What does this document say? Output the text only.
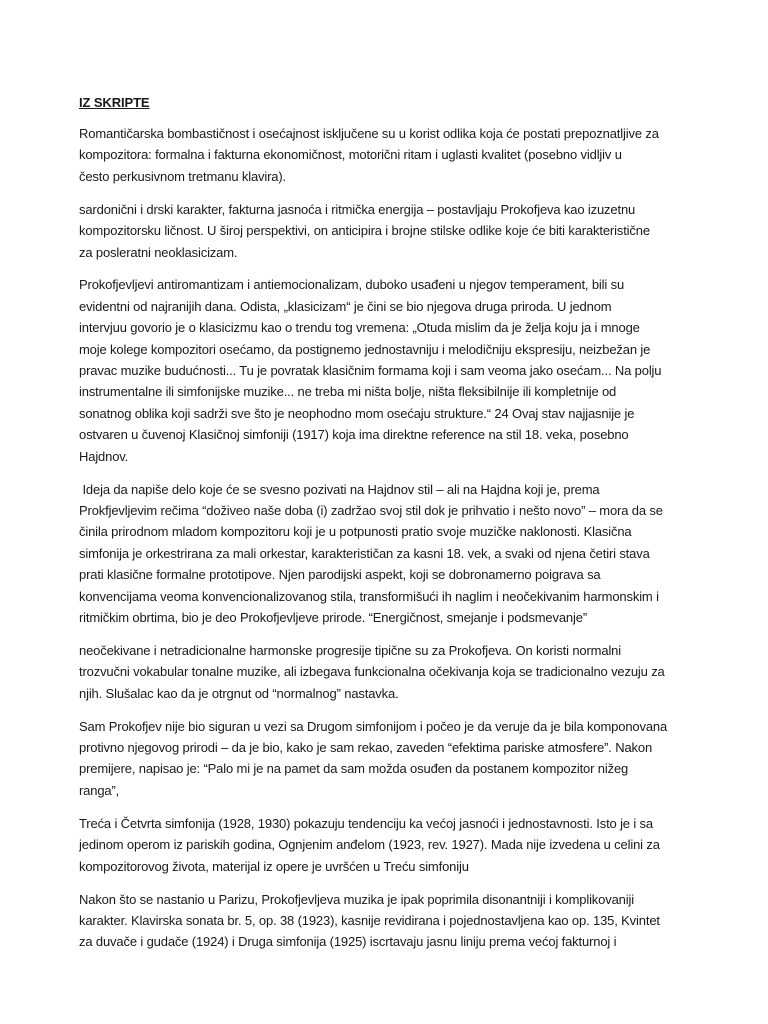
IZ SKRIPTE
Romantičarska bombastičnost i osećajnost isključene su u korist odlika koja će postati prepoznatljive za
kompozitora: formalna i fakturna ekonomičnost, motorični ritam i uglasti kvalitet (posebno vidljiv u
često perkusivnom tretmanu klavira).
sardonični i drski karakter, fakturna jasnoća i ritmička energija – postavljaju Prokofjeva kao izuzetnu
kompozitorsku ličnost. U široj perspektivi, on anticipira i brojne stilske odlike koje će biti karakteristične
za posleratni neoklasicizam.
Prokofjevljevi antiromantizam i antiemocionalizam, duboko usađeni u njegov temperament, bili su
evidentni od najranijih dana. Odista, „klasicizam“ je čini se bio njegova druga priroda. U jednom
intervjuu govorio je o klasicizmu kao o trendu tog vremena: „Otuda mislim da je želja koju ja i mnoge
moje kolege kompozitori osećamo, da postignemo jednostavniju i melodičniju ekspresiju, neizbežan je
pravac muzike budućnosti... Tu je povratak klasičnim formama koji i sam veoma jako osećam... Na polju
instrumentalne ili simfonijske muzike... ne treba mi ništa bolje, ništa fleksibilnije ili kompletnije od
sonatnog oblika koji sadrži sve što je neophodno mom osećaju strukture.“ 24 Ovaj stav najjasnije je
ostvaren u čuvenoj Klasičnoj simfoniji (1917) koja ima direktne reference na stil 18. veka, posebno
Hajdnov.
Ideja da napiše delo koje će se svesno pozivati na Hajdnov stil – ali na Hajdna koji je, prema
Prokfjevljevim rečima “doživeo naše doba (i) zadržao svoj stil dok je prihvatio i nešto novo” – mora da se
činila prirodnom mladom kompozitoru koji je u potpunosti pratio svoje muzičke naklonosti. Klasična
simfonija je orkestrirana za mali orkestar, karakterističan za kasni 18. vek, a svaki od njena četiri stava
prati klasične formalne prototipove. Njen parodijski aspekt, koji se dobronamerno poigrava sa
konvencijama veoma konvencionalizovanog stila, transformišući ih naglim i neočekivanim harmonskim i
ritmičkim obrtima, bio je deo Prokofjevljeve prirode. “Energičnost, smejanje i podsmevanje”
neočekivane i netradicionalne harmonske progresije tipične su za Prokofjeva. On koristi normalni
trozvučni vokabular tonalne muzike, ali izbegava funkcionalna očekivanja koja se tradicionalno vezuju za
njih. Slušalac kao da je otrgnut od “normalnog” nastavka.
Sam Prokofjev nije bio siguran u vezi sa Drugom simfonijom i počeo je da veruje da je bila komponovana
protivno njegovog prirodi – da je bio, kako je sam rekao, zaveden “efektima pariske atmosfere”. Nakon
premijere, napisao je: “Palo mi je na pamet da sam možda osuđen da postanem kompozitor nižeg
ranga”,
Treća i Četvrta simfonija (1928, 1930) pokazuju tendenciju ka većoj jasnoći i jednostavnosti. Isto je i sa
jedinom operom iz pariskih godina, Ognjenim anđelom (1923, rev. 1927). Mada nije izvedena u celini za
kompozitorovog života, materijal iz opere je uvršćen u Treću simfoniju
Nakon što se nastanio u Parizu, Prokofjevljeva muzika je ipak poprimila disonantniji i komplikovaniji
karakter. Klavirska sonata br. 5, op. 38 (1923), kasnije revidirana i pojednostavljena kao op. 135, Kvintet
za duvače i gudače (1924) i Druga simfonija (1925) iscrtavaju jasnu liniju prema većoj fakturnoj i
